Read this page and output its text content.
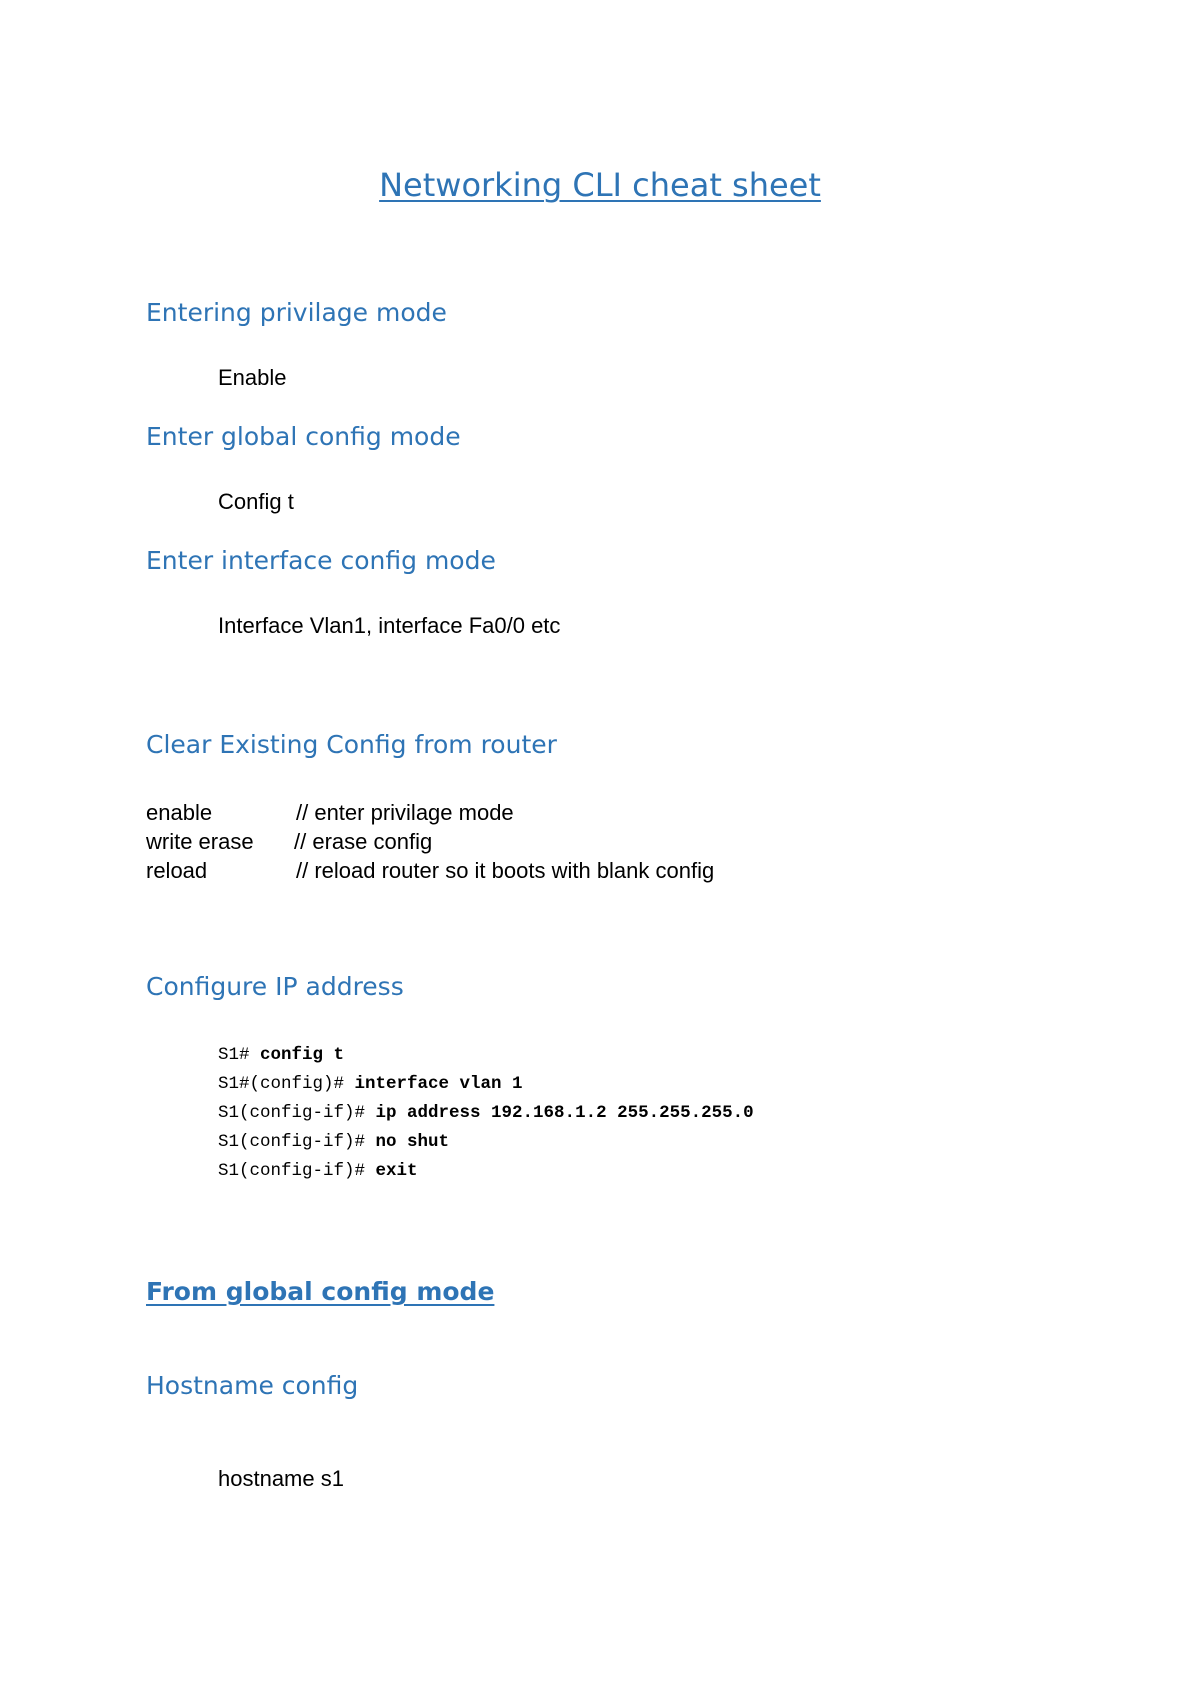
Networking CLI cheat sheet
Entering privilage mode

Enable

Enter global config mode

Config t

Enter interface config mode

Interface Vlan1, interface Fa0/0 etc

Clear Existing Config from router
enable	// enter privilage mode
write erase	// erase config
reload	// reload router so it boots with blank config
Configure IP address
S1# config t
S1#(config)# interface vlan 1
S1(config-if)# ip address 192.168.1.2 255.255.255.0
S1(config-if)# no shut
S1(config-if)# exit
From global config mode
Hostname config

hostname s1
